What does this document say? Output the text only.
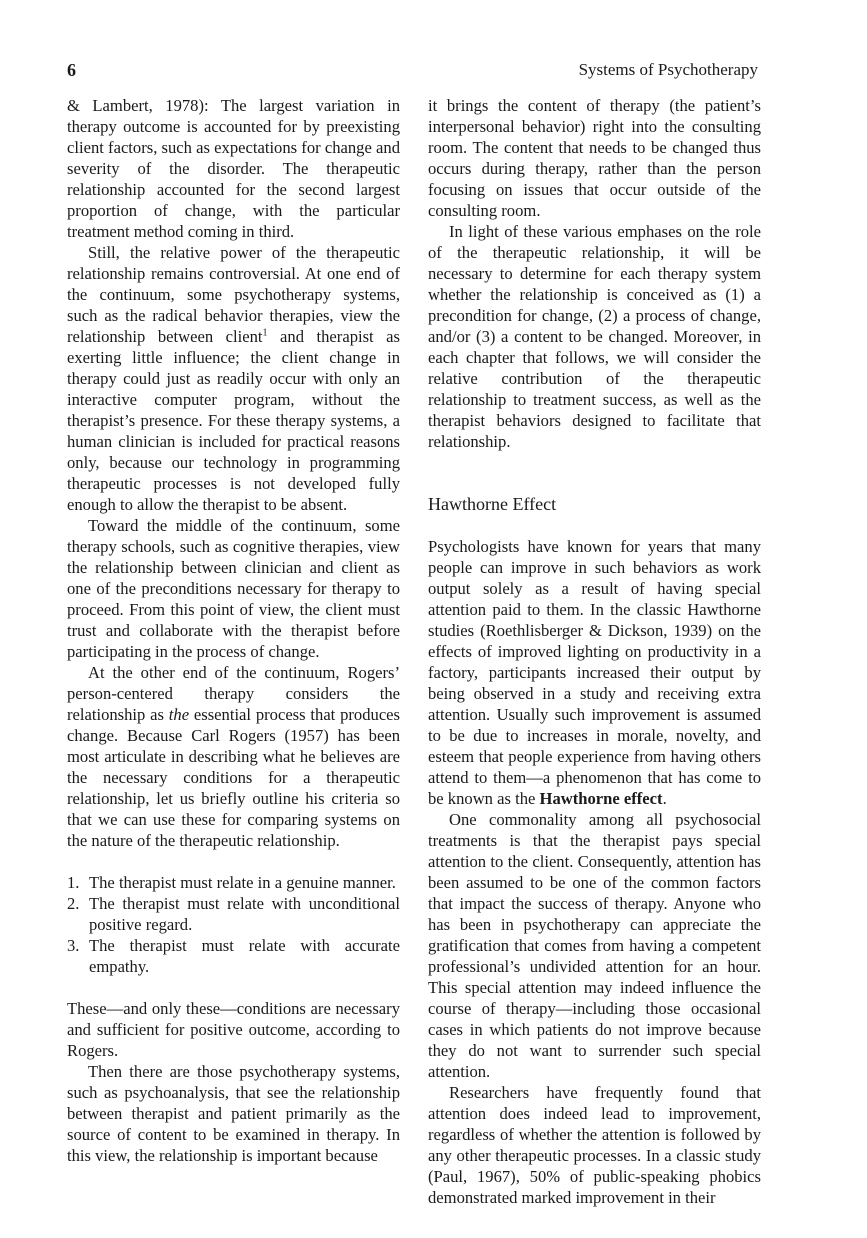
6	Systems of Psychotherapy

& Lambert, 1978): The largest variation in therapy outcome is accounted for by preexisting client factors, such as expectations for change and severity of the disorder. The therapeutic relationship accounted for the second largest proportion of change, with the particular treatment method coming in third.

Still, the relative power of the therapeutic relationship remains controversial. At one end of the continuum, some psychotherapy systems, such as the radical behavior therapies, view the relationship between client$^1$ and therapist as exerting little influence; the client change in therapy could just as readily occur with only an interactive computer program, without the therapist’s presence. For these therapy systems, a human clinician is included for practical reasons only, because our technology in programming therapeutic processes is not developed fully enough to allow the therapist to be absent.

Toward the middle of the continuum, some therapy schools, such as cognitive therapies, view the relationship between clinician and client as one of the preconditions necessary for therapy to proceed. From this point of view, the client must trust and collaborate with the therapist before participating in the process of change.

At the other end of the continuum, Rogers’ person-centered therapy considers the relationship as the essential process that produces change. Because Carl Rogers (1957) has been most articulate in describing what he believes are the necessary conditions for a therapeutic relationship, let us briefly outline his criteria so that we can use these for comparing systems on the nature of the therapeutic relationship.

1. The therapist must relate in a genuine manner.
2. The therapist must relate with unconditional positive regard.
3. The therapist must relate with accurate empathy.

These—and only these—conditions are necessary and sufficient for positive outcome, according to Rogers.

Then there are those psychotherapy systems, such as psychoanalysis, that see the relationship between therapist and patient primarily as the source of content to be examined in therapy. In this view, the relationship is important because

it brings the content of therapy (the patient’s interpersonal behavior) right into the consulting room. The content that needs to be changed thus occurs during therapy, rather than the person focusing on issues that occur outside of the consulting room.

In light of these various emphases on the role of the therapeutic relationship, it will be necessary to determine for each therapy system whether the relationship is conceived as (1) a precondition for change, (2) a process of change, and/or (3) a content to be changed. Moreover, in each chapter that follows, we will consider the relative contribution of the therapeutic relationship to treatment success, as well as the therapist behaviors designed to facilitate that relationship.

Hawthorne Effect

Psychologists have known for years that many people can improve in such behaviors as work output solely as a result of having special attention paid to them. In the classic Hawthorne studies (Roethlisberger & Dickson, 1939) on the effects of improved lighting on productivity in a factory, participants increased their output by being observed in a study and receiving extra attention. Usually such improvement is assumed to be due to increases in morale, novelty, and esteem that people experience from having others attend to them—a phenomenon that has come to be known as the Hawthorne effect.

One commonality among all psychosocial treatments is that the therapist pays special attention to the client. Consequently, attention has been assumed to be one of the common factors that impact the success of therapy. Anyone who has been in psychotherapy can appreciate the gratification that comes from having a competent professional’s undivided attention for an hour. This special attention may indeed influence the course of therapy—including those occasional cases in which patients do not improve because they do not want to surrender such special attention.

Researchers have frequently found that attention does indeed lead to improvement, regardless of whether the attention is followed by any other therapeutic processes. In a classic study (Paul, 1967), 50% of public-speaking phobics demonstrated marked improvement in their
